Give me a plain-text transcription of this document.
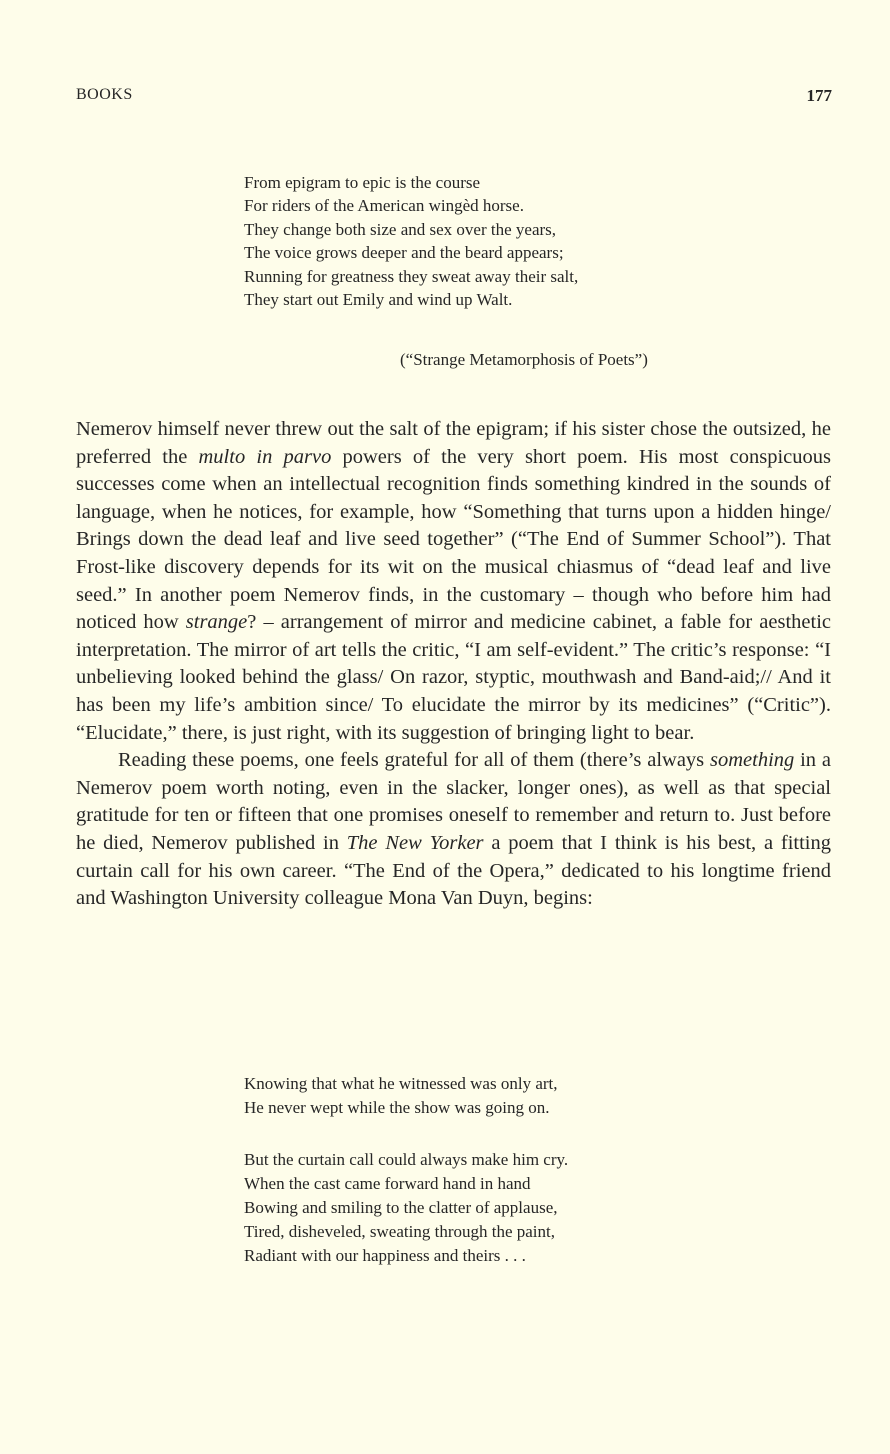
BOOKS	177
From epigram to epic is the course
For riders of the American wingèd horse.
They change both size and sex over the years,
The voice grows deeper and the beard appears;
Running for greatness they sweat away their salt,
They start out Emily and wind up Walt.
(“Strange Metamorphosis of Poets”)

Nemerov himself never threw out the salt of the epigram; if his sister chose the outsized, he preferred the multo in parvo powers of the very short poem. His most conspicuous successes come when an intellectual recognition finds something kindred in the sounds of language, when he notices, for example, how “Something that turns upon a hidden hinge/ Brings down the dead leaf and live seed together” (“The End of Summer School”). That Frost-like discovery depends for its wit on the musical chiasmus of “dead leaf and live seed.” In another poem Nemerov finds, in the customary – though who before him had noticed how strange? – arrangement of mirror and medicine cabinet, a fable for aesthetic interpretation. The mirror of art tells the critic, “I am self-evident.” The critic’s response: “I unbelieving looked behind the glass/ On razor, styptic, mouthwash and Band-aid;// And it has been my life’s ambition since/ To elucidate the mirror by its medicines” (“Critic”). “Elucidate,” there, is just right, with its suggestion of bringing light to bear.

Reading these poems, one feels grateful for all of them (there’s always something in a Nemerov poem worth noting, even in the slacker, longer ones), as well as that special gratitude for ten or fifteen that one promises oneself to remember and return to. Just before he died, Nemerov published in The New Yorker a poem that I think is his best, a fitting curtain call for his own career. “The End of the Opera,” dedicated to his longtime friend and Washington University colleague Mona Van Duyn, begins:

Knowing that what he witnessed was only art,
He never wept while the show was going on.
But the curtain call could always make him cry.
When the cast came forward hand in hand
Bowing and smiling to the clatter of applause,
Tired, disheveled, sweating through the paint,
Radiant with our happiness and theirs . . .
